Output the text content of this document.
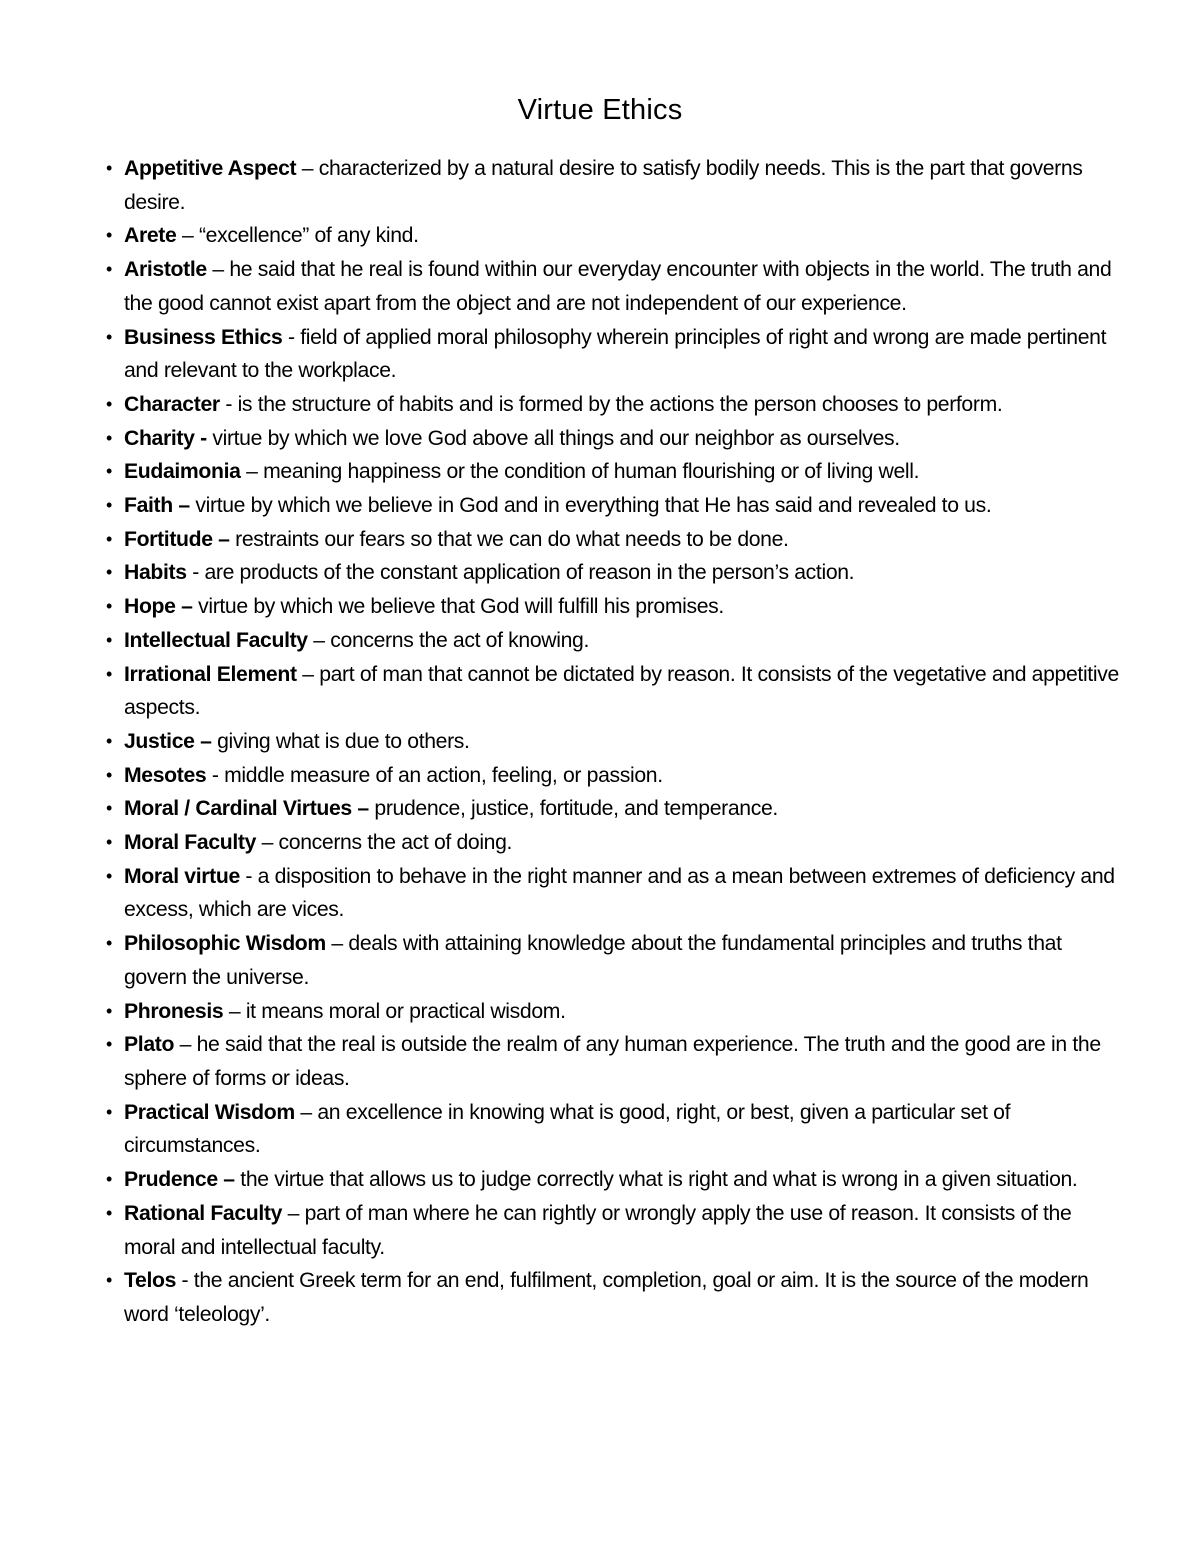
Virtue Ethics
• Appetitive Aspect – characterized by a natural desire to satisfy bodily needs. This is the part that governs desire.
• Arete – “excellence” of any kind.
• Aristotle – he said that he real is found within our everyday encounter with objects in the world. The truth and the good cannot exist apart from the object and are not independent of our experience.
• Business Ethics - field of applied moral philosophy wherein principles of right and wrong are made pertinent and relevant to the workplace.
• Character - is the structure of habits and is formed by the actions the person chooses to perform.
• Charity - virtue by which we love God above all things and our neighbor as ourselves.
• Eudaimonia – meaning happiness or the condition of human flourishing or of living well.
• Faith – virtue by which we believe in God and in everything that He has said and revealed to us.
• Fortitude – restraints our fears so that we can do what needs to be done.
• Habits - are products of the constant application of reason in the person’s action.
• Hope – virtue by which we believe that God will fulfill his promises.
• Intellectual Faculty – concerns the act of knowing.
• Irrational Element – part of man that cannot be dictated by reason. It consists of the vegetative and appetitive aspects.
• Justice – giving what is due to others.
• Mesotes - middle measure of an action, feeling, or passion.
• Moral / Cardinal Virtues – prudence, justice, fortitude, and temperance.
• Moral Faculty – concerns the act of doing.
• Moral virtue - a disposition to behave in the right manner and as a mean between extremes of deficiency and excess, which are vices.
• Philosophic Wisdom – deals with attaining knowledge about the fundamental principles and truths that govern the universe.
• Phronesis – it means moral or practical wisdom.
• Plato – he said that the real is outside the realm of any human experience. The truth and the good are in the sphere of forms or ideas.
• Practical Wisdom – an excellence in knowing what is good, right, or best, given a particular set of circumstances.
• Prudence – the virtue that allows us to judge correctly what is right and what is wrong in a given situation.
• Rational Faculty – part of man where he can rightly or wrongly apply the use of reason. It consists of the moral and intellectual faculty.
• Telos - the ancient Greek term for an end, fulfilment, completion, goal or aim. It is the source of the modern word ‘teleology’.
